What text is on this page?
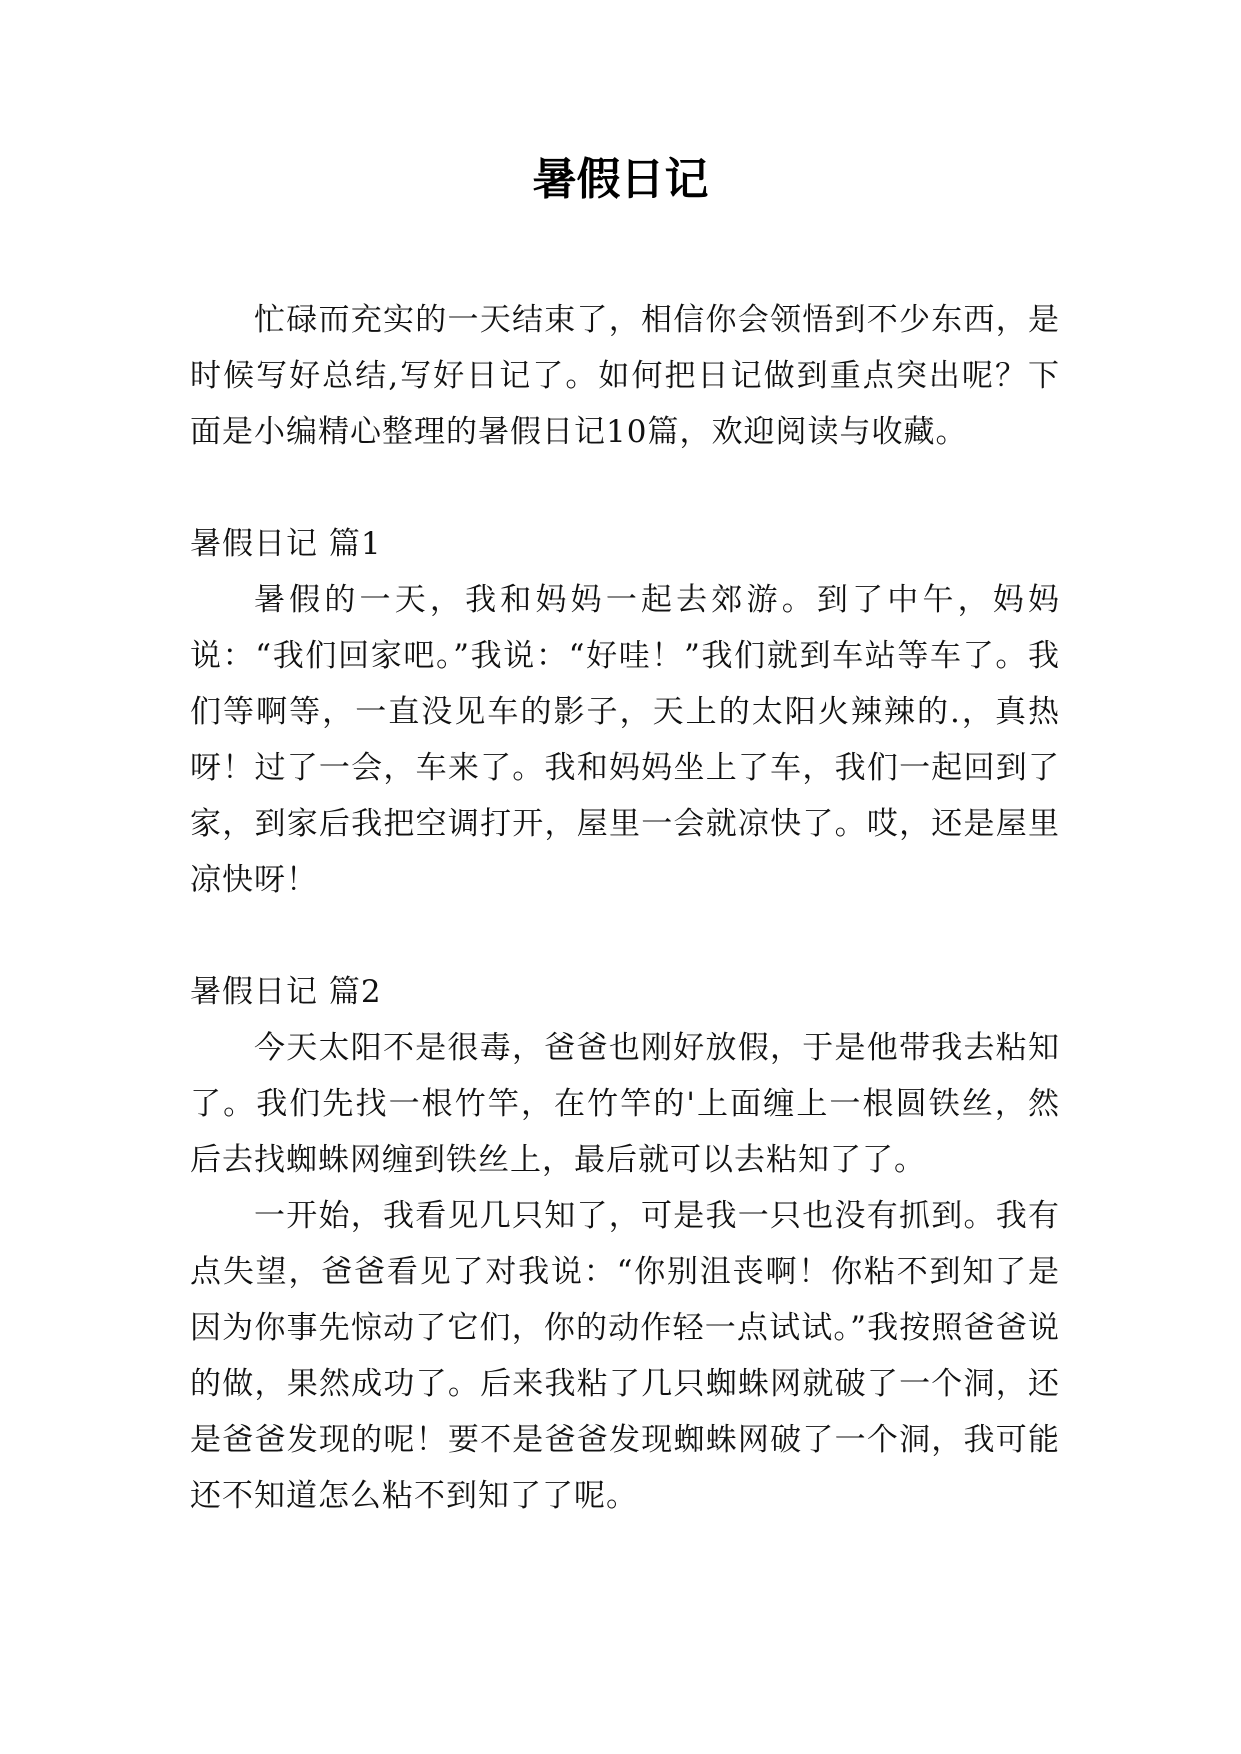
暑假日记

忙碌而充实的一天结束了，相信你会领悟到不少东西，是时候写好总结,写好日记了。如何把日记做到重点突出呢？下面是小编精心整理的暑假日记10篇，欢迎阅读与收藏。

暑假日记 篇1

暑假的一天，我和妈妈一起去郊游。到了中午，妈妈说：“我们回家吧。”我说：“好哇！”我们就到车站等车了。我们等啊等，一直没见车的影子，天上的太阳火辣辣的.，真热呀！过了一会，车来了。我和妈妈坐上了车，我们一起回到了家，到家后我把空调打开，屋里一会就凉快了。哎，还是屋里凉快呀！

暑假日记 篇2

今天太阳不是很毒，爸爸也刚好放假，于是他带我去粘知了。我们先找一根竹竿，在竹竿的'上面缠上一根圆铁丝，然后去找蜘蛛网缠到铁丝上，最后就可以去粘知了了。

一开始，我看见几只知了，可是我一只也没有抓到。我有点失望，爸爸看见了对我说：“你别沮丧啊！你粘不到知了是因为你事先惊动了它们，你的动作轻一点试试。”我按照爸爸说的做，果然成功了。后来我粘了几只蜘蛛网就破了一个洞，还是爸爸发现的呢！要不是爸爸发现蜘蛛网破了一个洞，我可能还不知道怎么粘不到知了了呢。
